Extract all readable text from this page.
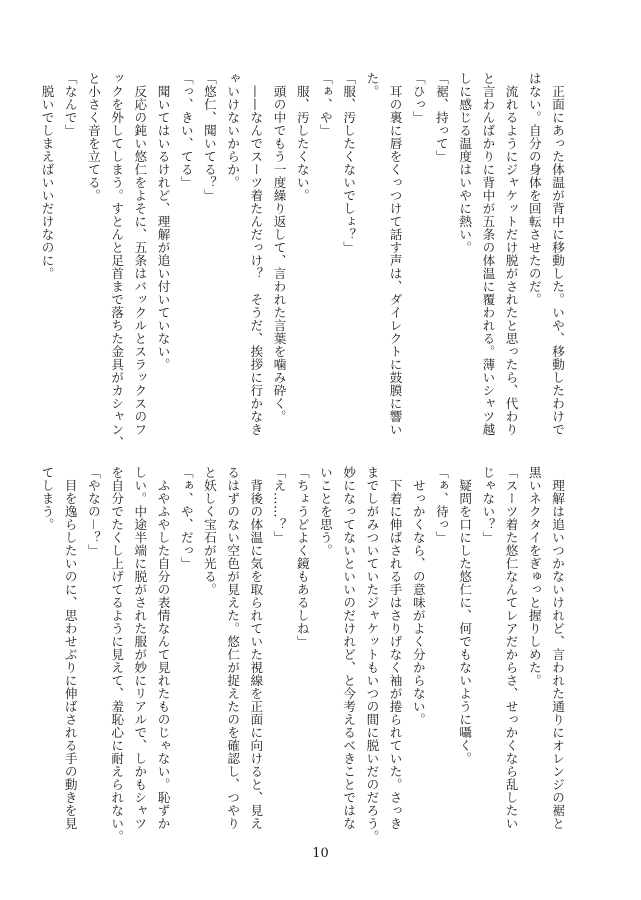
　正面にあった体温が背中に移動した。いや、移動したわけで
はない。自分の身体を回転させたのだ。
　流れるようにジャケットだけ脱がされたと思ったら、代わり
と言わんばかりに背中が五条の体温に覆われる。薄いシャツ越
しに感じる温度はいやに熱い。
「裾、持って」
「ひっ」
　耳の裏に唇をくっつけて話す声は、ダイレクトに鼓膜に響い
た。
「服、汚したくないでしょ？」
「ぁ、や」
　服、汚したくない。
　頭の中でもう一度繰り返して、言われた言葉を噛み砕く。
　——なんでスーツ着たんだっけ？　そうだ、挨拶に行かなき
ゃいけないからか。
「悠仁、聞いてる？」
「っ、きい、てる」
　聞いてはいるけれど、理解が追い付いていない。
　反応の鈍い悠仁をよそに、五条はバックルとスラックスのフ
ックを外してしまう。すとんと足首まで落ちた金具がカシャン、
と小さく音を立てる。
「なんで」
　脱いでしまえばいいだけなのに。
　理解は追いつかないけれど、言われた通りにオレンジの裾と
黒いネクタイをぎゅっと握りしめた。
「スーツ着た悠仁なんてレアだからさ、せっかくなら乱したい
じゃない？」
　疑問を口にした悠仁に、何でもないように囁く。
「ぁ、待っ」
　せっかくなら、の意味がよく分からない。
　下着に伸ばされる手はさりげなく袖が捲られていた。さっき
までしがみついていたジャケットもいつの間に脱いだのだろう。
妙になってないといいのだけれど、と今考えるべきことではな
いことを思う。
「ちょうどよく鏡もあるしね」
「え……？」
　背後の体温に気を取られていた視線を正面に向けると、見え
るはずのない空色が見えた。悠仁が捉えたのを確認し、つやり
と妖しく宝石が光る。
「ぁ、や、だっ」
　ふやふやした自分の表情なんて見れたものじゃない。恥ずか
しい。中途半端に脱がされた服が妙にリアルで、しかもシャツ
を自分でたくし上げてるように見えて、羞恥心に耐えられない。
「やなの－？」
　目を逸らしたいのに、思わせぶりに伸ばされる手の動きを見
てしまう。
10
